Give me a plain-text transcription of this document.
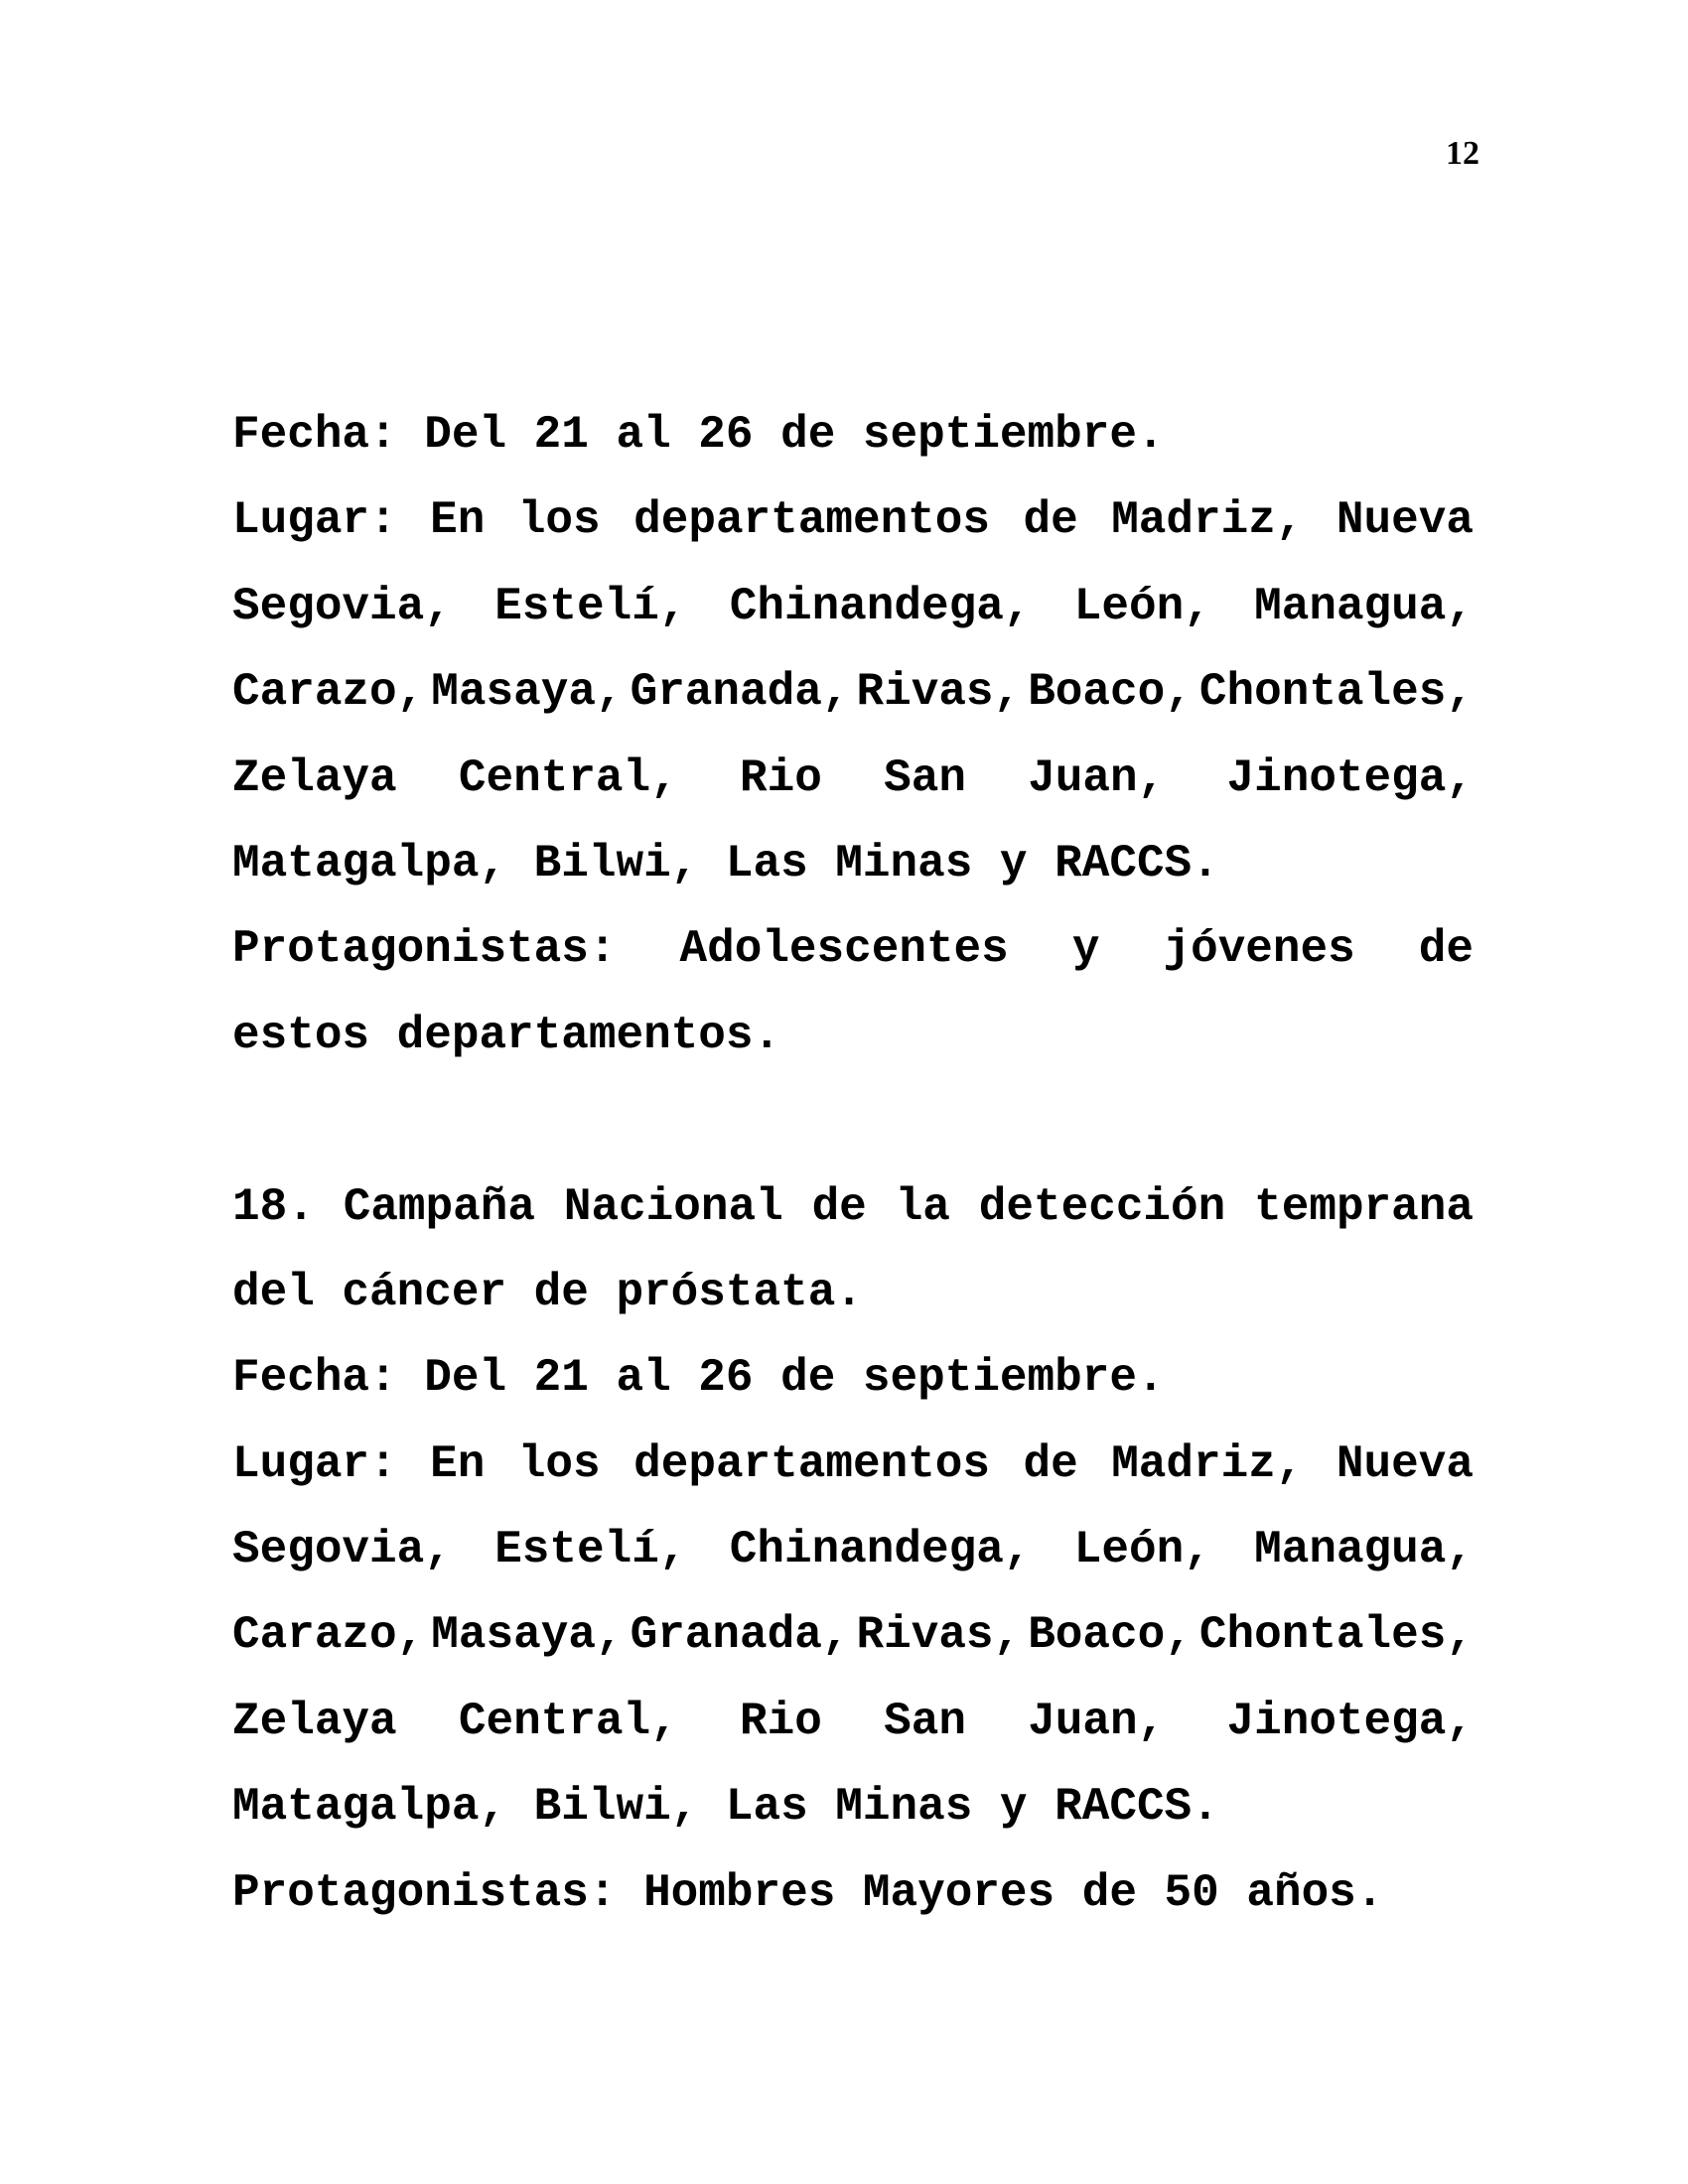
12
Fecha: Del 21 al 26 de septiembre.
Lugar: En los departamentos de Madriz, Nueva
Segovia, Estelí, Chinandega, León, Managua,
Carazo, Masaya, Granada, Rivas, Boaco, Chontales,
Zelaya Central, Rio San Juan, Jinotega,
Matagalpa, Bilwi, Las Minas y RACCS.
Protagonistas: Adolescentes y jóvenes de
estos departamentos.
18. Campaña Nacional de la detección temprana
del cáncer de próstata.
Fecha: Del 21 al 26 de septiembre.
Lugar: En los departamentos de Madriz, Nueva
Segovia, Estelí, Chinandega, León, Managua,
Carazo, Masaya, Granada, Rivas, Boaco, Chontales,
Zelaya Central, Rio San Juan, Jinotega,
Matagalpa, Bilwi, Las Minas y RACCS.
Protagonistas: Hombres Mayores de 50 años.
